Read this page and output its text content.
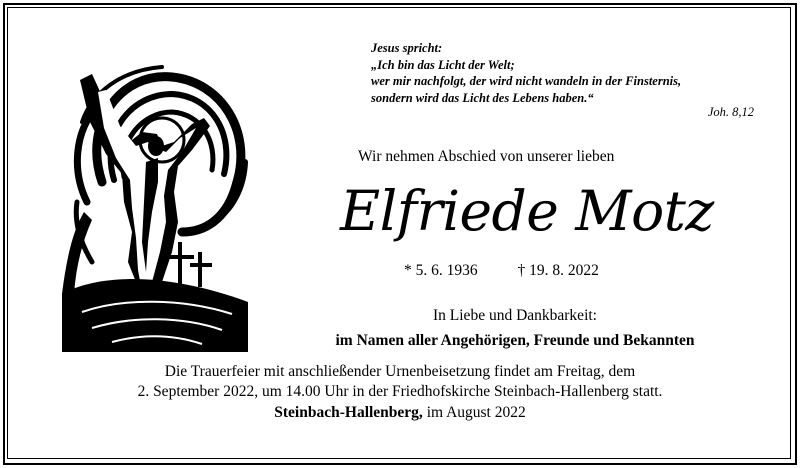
Jesus spricht:
„Ich bin das Licht der Welt;
wer mir nachfolgt, der wird nicht wandeln in der Finsternis,
sondern wird das Licht des Lebens haben.“
Joh. 8,12
Wir nehmen Abschied von unserer lieben
Elfriede Motz
* 5. 6. 1936	† 19. 8. 2022
In Liebe und Dankbarkeit:
im Namen aller Angehörigen, Freunde und Bekannten
Die Trauerfeier mit anschließender Urnenbeisetzung findet am Freitag, dem
2. September 2022, um 14.00 Uhr in der Friedhofskirche Steinbach-Hallenberg statt.
Steinbach-Hallenberg, im August 2022
